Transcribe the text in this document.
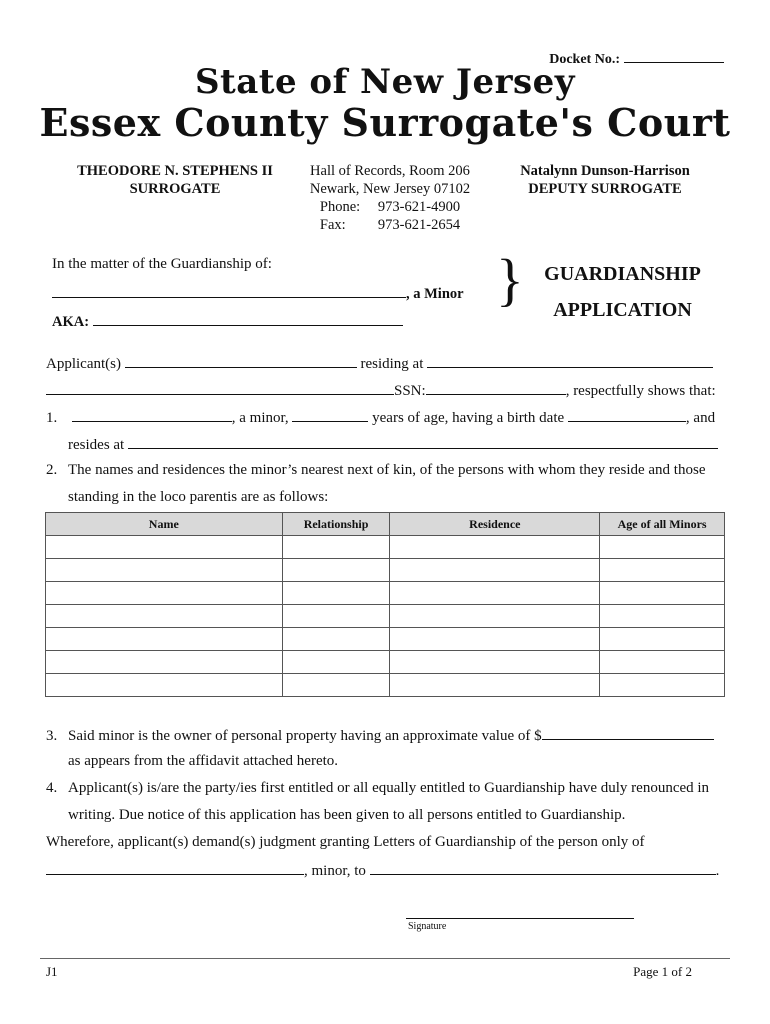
Docket No.:
State of New Jersey
Essex County Surrogate's Court
THEODORE N. STEPHENS II
SURROGATE
Hall of Records, Room 206
Newark, New Jersey 07102
Phone:	973-621-4900
Fax:	973-621-2654
Natalynn Dunson-Harrison
DEPUTY SURROGATE
In the matter of the Guardianship of:
, a Minor
AKA:
}	GUARDIANSHIP
APPLICATION
Applicant(s)	residing at
SSN:	, respectfully shows that:
1.	, a minor,	years of age, having a birth date	, and
resides at
2. The names and residences the minor’s nearest next of kin, of the persons with whom they reside and those
standing in the loco parentis are as follows:
Name	Relationship	Residence	Age of all Minors

3. Said minor is the owner of personal property having an approximate value of $
as appears from the affidavit attached hereto.
4. Applicant(s) is/are the party/ies first entitled or all equally entitled to Guardianship have duly renounced in
writing. Due notice of this application has been given to all persons entitled to Guardianship.
Wherefore, applicant(s) demand(s) judgment granting Letters of Guardianship of the person only of
, minor, to	.
Signature
J1	Page 1 of 2
